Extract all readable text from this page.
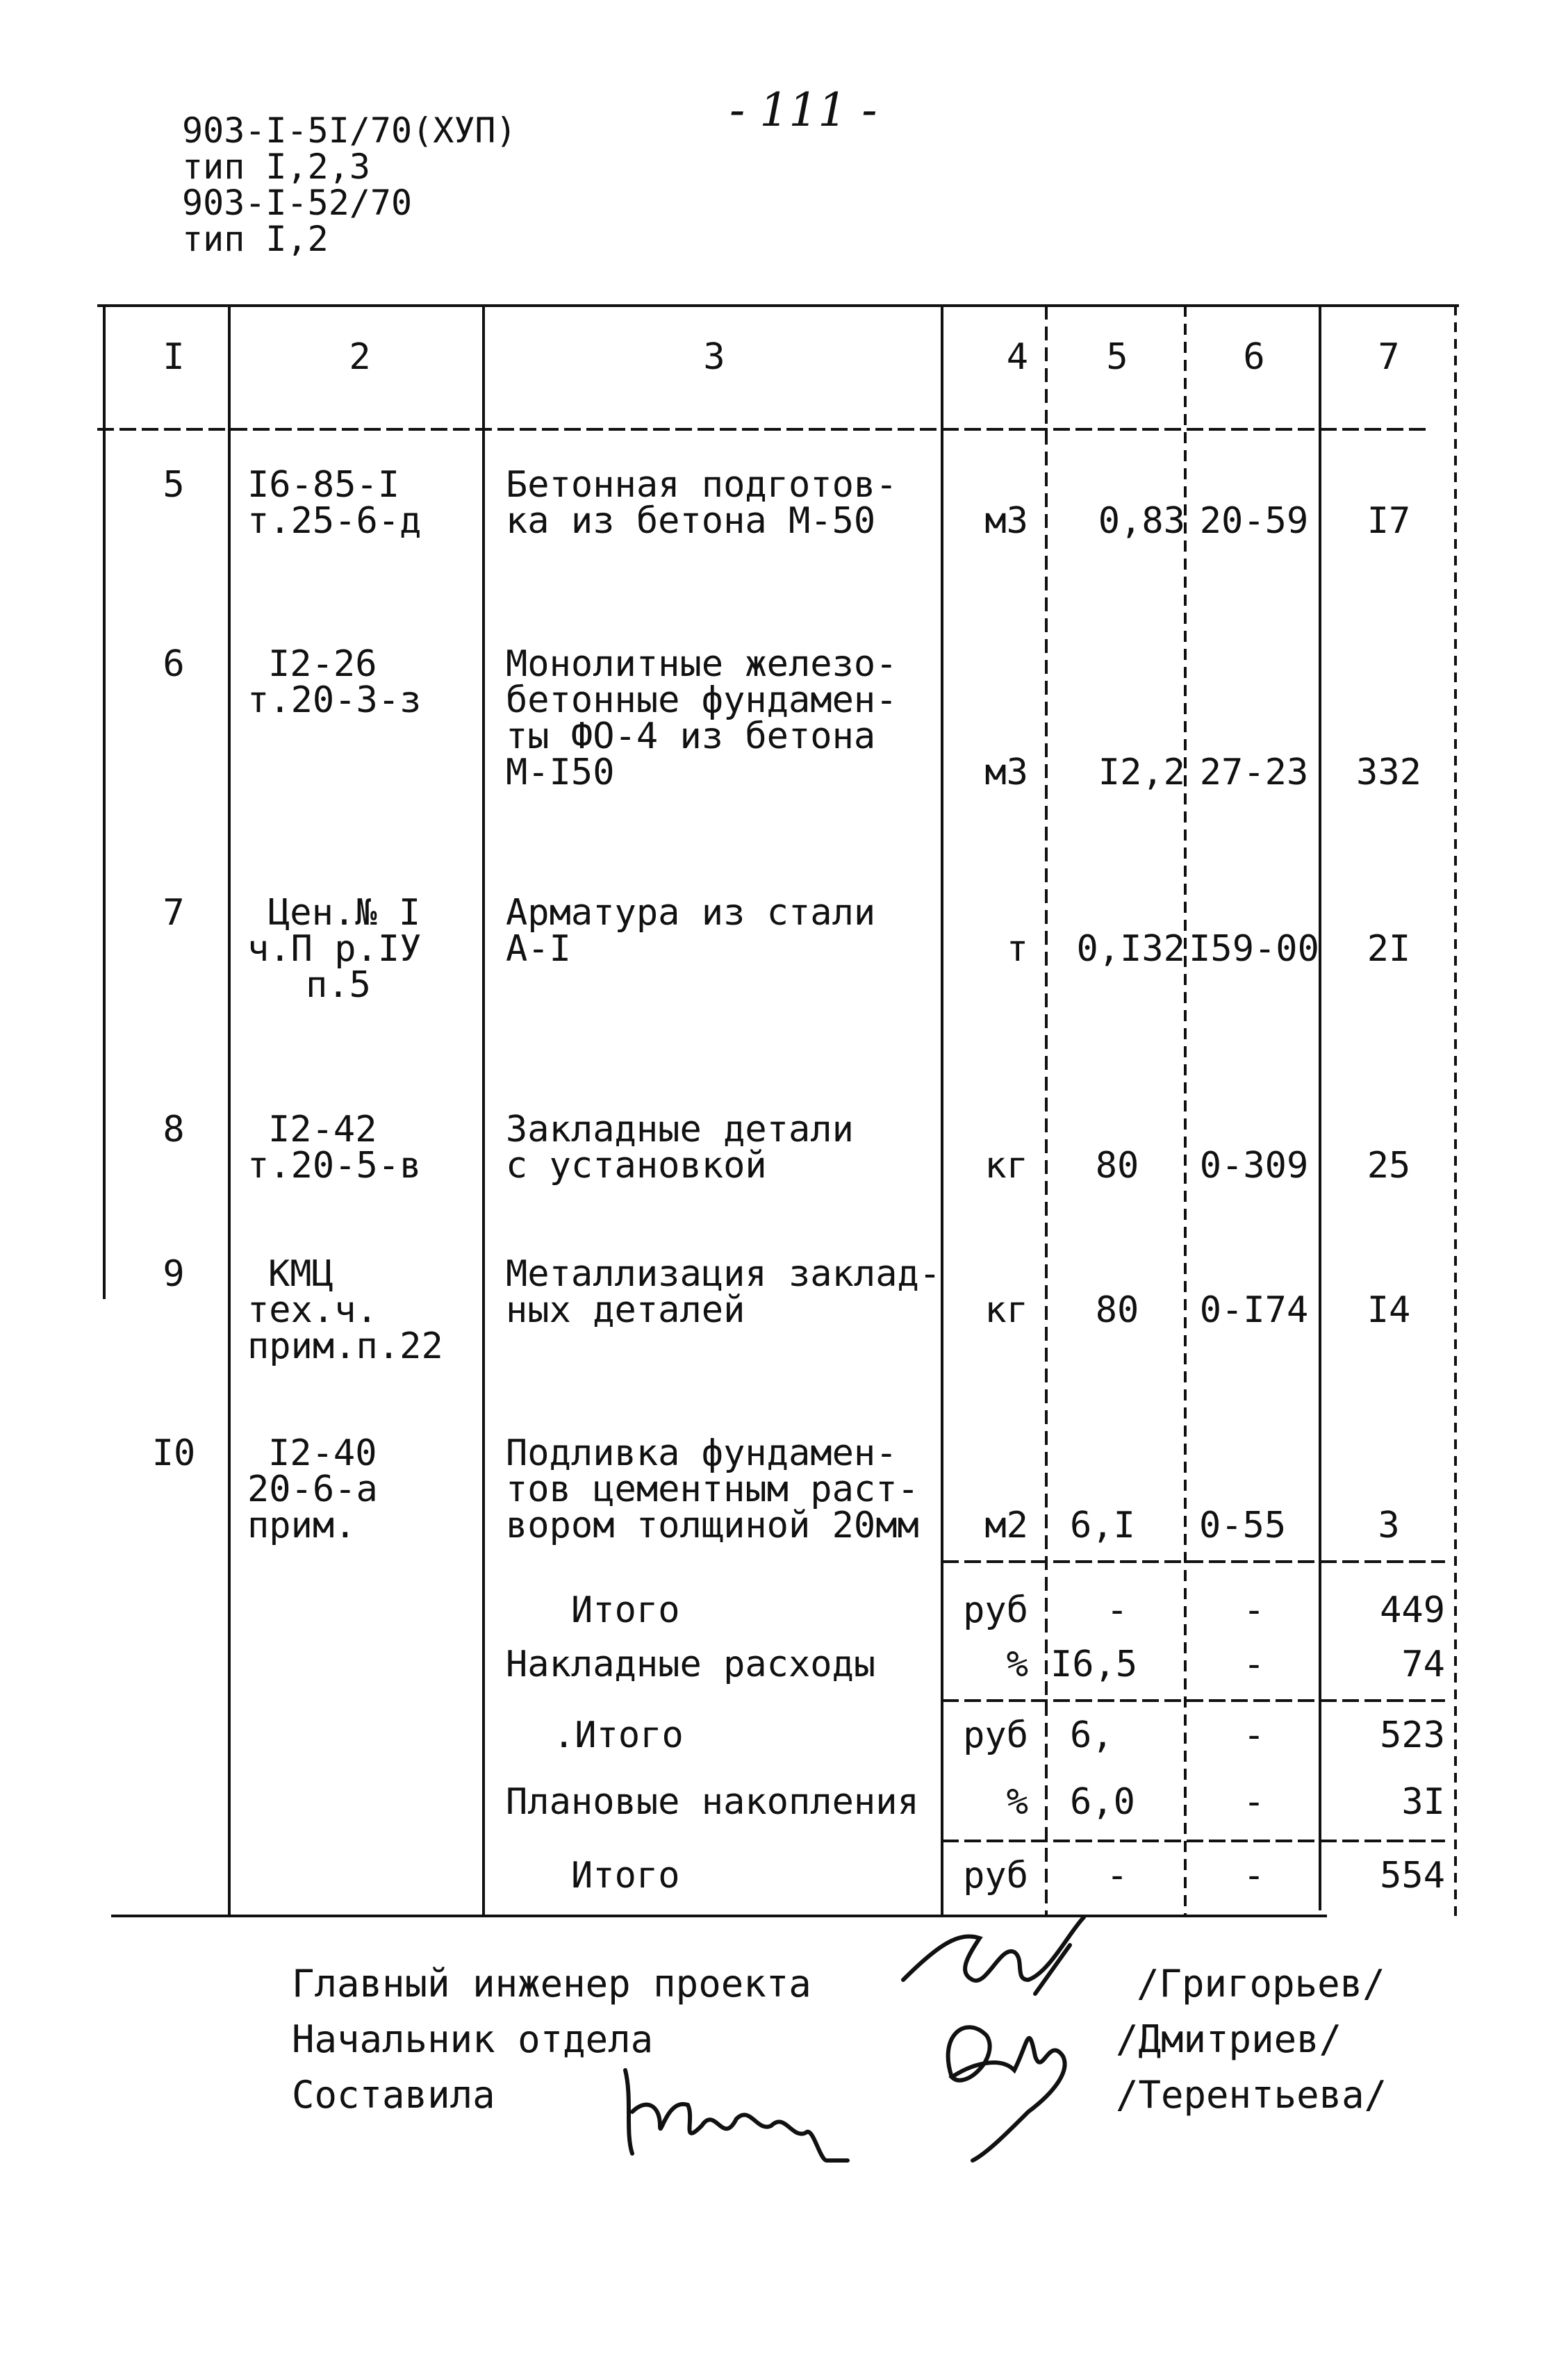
903-I-5I/70(ХУП)
тип I,2,3
903-I-52/70
тип I,2
- 111 -
I	2	3	4	5	6	7
5	I6-85-I
т.25-6-д
Бетонная подготов-
ка из бетона М-50	м3	0,83 20-59	I7
6	I2-26
т.20-3-з
Монолитные железо-
бетонные фундамен-
ты ФО-4 из бетона
М-I50	м3	I2,2 27-23	332
7	Цен.№ I
ч.П р.IУ
п.5
Арматура из стали
А-I	т	0,I32 I59-00	2I
8	I2-42
т.20-5-в
Закладные детали
с установкой	кг	80	0-309	25
9	КМЦ
тех.ч.
прим.п.22
Металлизация заклад-
ных деталей	кг	80	0-I74	I4
I0	I2-40
20-6-а
прим.
Подливка фундамен-
тов цементным раст-
вором толщиной 20мм	м2 6,I 0-55	3
Итого	руб	-	-	449
Накладные расходы	% I6,5	-	74
.Итого	руб 6,	-	523
Плановые накопления	% 6,0	-	3I
Итого	руб	-	-	554
Главный инженер проекта
Начальник отдела
Составила
/Григорьев/
/Дмитриев/
/Терентьева/
